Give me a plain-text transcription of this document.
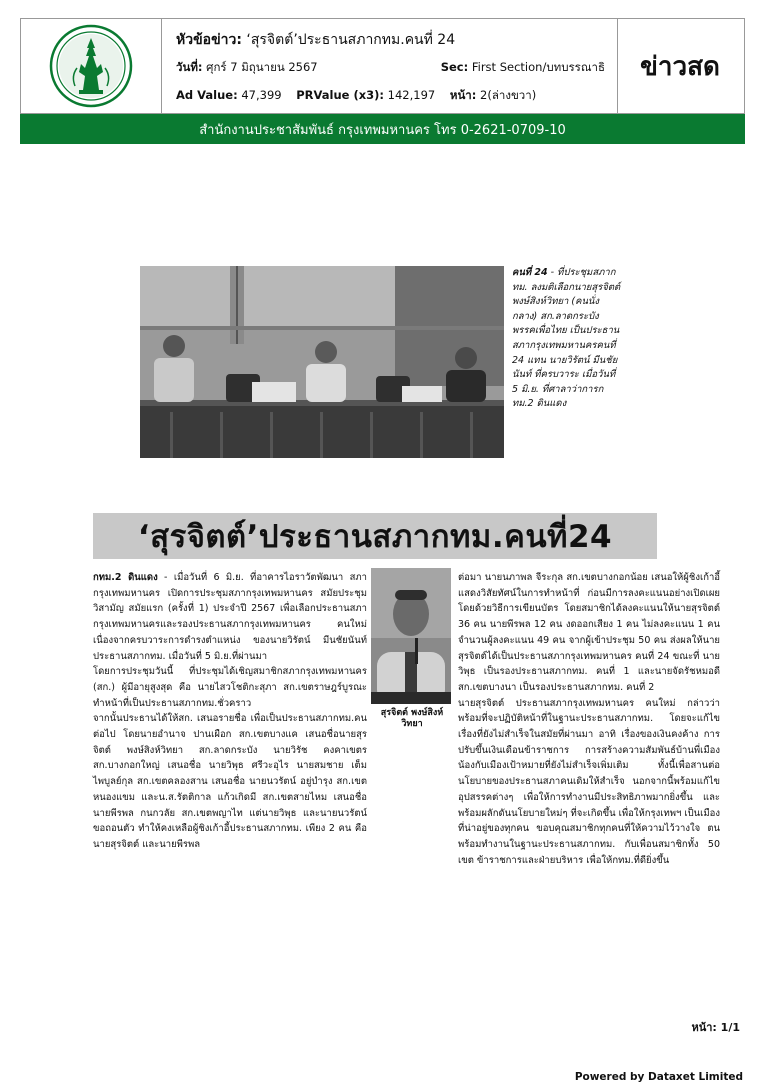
หัวข้อข่าว: ‘สุรจิตต์’ประธานสภากทม.คนที่ 24
วันที่: ศุกร์ 7 มิถุนายน 2567	Sec: First Section/บทบรรณาธิ
Ad Value: 47,399 PRValue (x3): 142,197 หน้า: 2(ล่างขวา)
ข่าวสด
สำนักงานประชาสัมพันธ์ กรุงเทพมหานคร โทร 0-2621-0709-10
คนที่ 24 - ที่ประชุมสภากทม. ลงมติเลือกนายสุรจิตต์ พงษ์สิงห์วิทยา (คนนั่งกลาง) สก.ลาดกระบัง พรรคเพื่อไทย เป็นประธานสภากรุงเทพมหานครคนที่ 24 แทน นายวิรัตน์ มีนชัยนันท์ ที่ครบวาระ เมื่อวันที่ 5 มิ.ย. ที่ศาลาว่าการกทม.2 ดินแดง
‘สุรจิตต์’ประธานสภากทม.คนที่24

กทม.2 ดินแดง - เมื่อวันที่ 6 มิ.ย. ที่อาคารไอราวัตพัฒนา สภากรุงเทพมหานคร เปิดการประชุมสภากรุงเทพมหานคร สมัยประชุมวิสามัญ สมัยแรก (ครั้งที่ 1) ประจำปี 2567 เพื่อเลือกประธานสภากรุงเทพมหานครและรองประธานสภากรุงเทพมหานคร คนใหม่ เนื่องจากครบวาระการดำรงตำแหน่ง ของนายวิรัตน์ มีนชัยนันท์ ประธานสภากทม. เมื่อวันที่ 5 มิ.ย.ที่ผ่านมา

โดยการประชุมวันนี้ ที่ประชุมได้เชิญสมาชิกสภากรุงเทพมหานคร (สก.) ผู้มีอายุสูงสุด คือ นายไสวโชติกะสุภา สก.เขตราษฎร์บูรณะ ทำหน้าที่เป็นประธานสภากทม.ชั่วคราว

จากนั้นประธานได้ให้สก. เสนอรายชื่อ เพื่อเป็นประธานสภากทม.คนต่อไป โดยนายอำนาจ ปานเผือก สก.เขตบางแค เสนอชื่อนายสุรจิตต์ พงษ์สิงห์วิทยา สก.ลาดกระบัง นายวิรัช คงคาเขตร สก.บางกอกใหญ่ เสนอชื่อ นายวิพุธ ศรีวะอุไร นายสมชาย เต็มไพบูลย์กุล สก.เขตคลองสาน เสนอชื่อ นายนวรัตน์ อยู่บำรุง สก.เขตหนองแขม และน.ส.รัตติกาล แก้วเกิดมี สก.เขตสายไหม เสนอชื่อ นายพีรพล กนกวลัย สก.เขตพญาไท แต่นายวิพุธ และนายนวรัตน์ ขอถอนตัว ทำให้คงเหลือผู้ชิงเก้าอี้ประธานสภากทม. เพียง 2 คน คือ นายสุรจิตต์ และนายพีรพล

สุรจิตต์ พงษ์สิงห์วิทยา

ต่อมา นายนภาพล จีระกุล สก.เขตบางกอกน้อย เสนอให้ผู้ชิงเก้าอี้ แสดงวิสัยทัศน์ในการทำหน้าที่ ก่อนมีการลงคะแนนอย่างเปิดเผย โดยด้วยวิธีการเขียนบัตร โดยสมาชิกได้ลงคะแนนให้นายสุรจิตต์ 36 คน นายพีรพล 12 คน งดออกเสียง 1 คน ไม่ลงคะแนน 1 คน จำนวนผู้ลงคะแนน 49 คน จากผู้เข้าประชุม 50 คน ส่งผลให้นายสุรจิตต์ได้เป็นประธานสภากรุงเทพมหานคร คนที่ 24 ขณะที่ นายวิพุธ เป็นรองประธานสภากทม. คนที่ 1 และนายจัดรัชหมอดี สก.เขตบางนา เป็นรองประธานสภากทม. คนที่ 2

นายสุรจิตต์ ประธานสภากรุงเทพมหานคร คนใหม่ กล่าวว่า พร้อมที่จะปฏิบัติหน้าที่ในฐานะประธานสภากทม. โดยจะแก้ไขเรื่องที่ยังไม่สำเร็จในสมัยที่ผ่านมา อาทิ เรื่องของเงินคงค้าง การปรับขึ้นเงินเดือนข้าราชการ การสร้างความสัมพันธ์บ้านพี่เมืองน้องกับเมืองเป้าหมายที่ยังไม่สำเร็จเพิ่มเติม ทั้งนี้เพื่อสานต่อนโยบายของประธานสภาคนเดิมให้สำเร็จ นอกจากนี้พร้อมแก้ไขอุปสรรคต่างๆ เพื่อให้การทำงานมีประสิทธิภาพมากยิ่งขึ้น และพร้อมผลักดันนโยบายใหม่ๆ ที่จะเกิดขึ้น เพื่อให้กรุงเทพฯ เป็นเมืองที่น่าอยู่ของทุกคน ขอบคุณสมาชิกทุกคนที่ให้ความไว้วางใจ ตนพร้อมทำงานในฐานะประธานสภากทม. กับเพื่อนสมาชิกทั้ง 50 เขต ข้าราชการและฝ่ายบริหาร เพื่อให้กทม.ที่ดียิ่งขึ้น

หน้า: 1/1
Powered by Dataxet Limited
